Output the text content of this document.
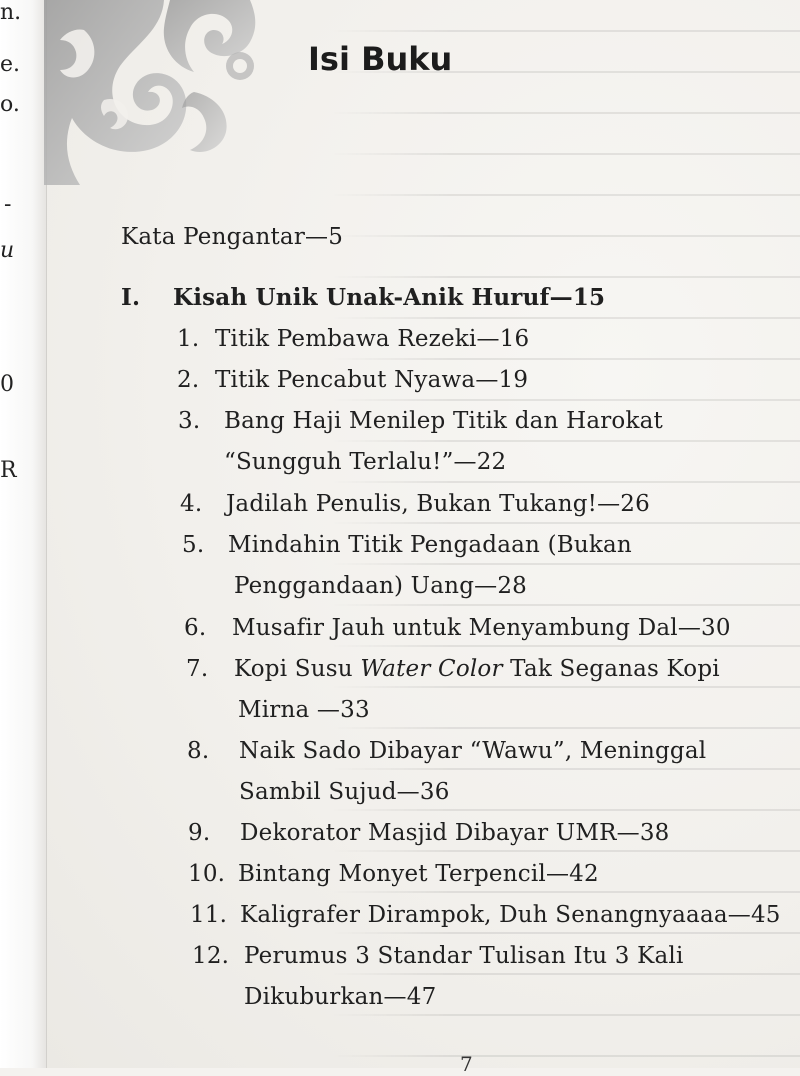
n.
e.
o.
-
u
0
R
Isi Buku
Kata Pengantar—5
I. Kisah Unik Unak-Anik Huruf—15
1. Titik Pembawa Rezeki—16
2. Titik Pencabut Nyawa—19
3. Bang Haji Menilep Titik dan Harokat
“Sungguh Terlalu!”—22
4. Jadilah Penulis, Bukan Tukang!—26
5. Mindahin Titik Pengadaan (Bukan
Penggandaan) Uang—28
6. Musafir Jauh untuk Menyambung Dal—30
7. Kopi Susu Water Color Tak Seganas Kopi
Mirna —33
8. Naik Sado Dibayar “Wawu”, Meninggal
Sambil Sujud—36
9. Dekorator Masjid Dibayar UMR—38
10. Bintang Monyet Terpencil—42
11. Kaligrafer Dirampok, Duh Senangnyaaaa—45
12. Perumus 3 Standar Tulisan Itu 3 Kali
Dikuburkan—47
7
